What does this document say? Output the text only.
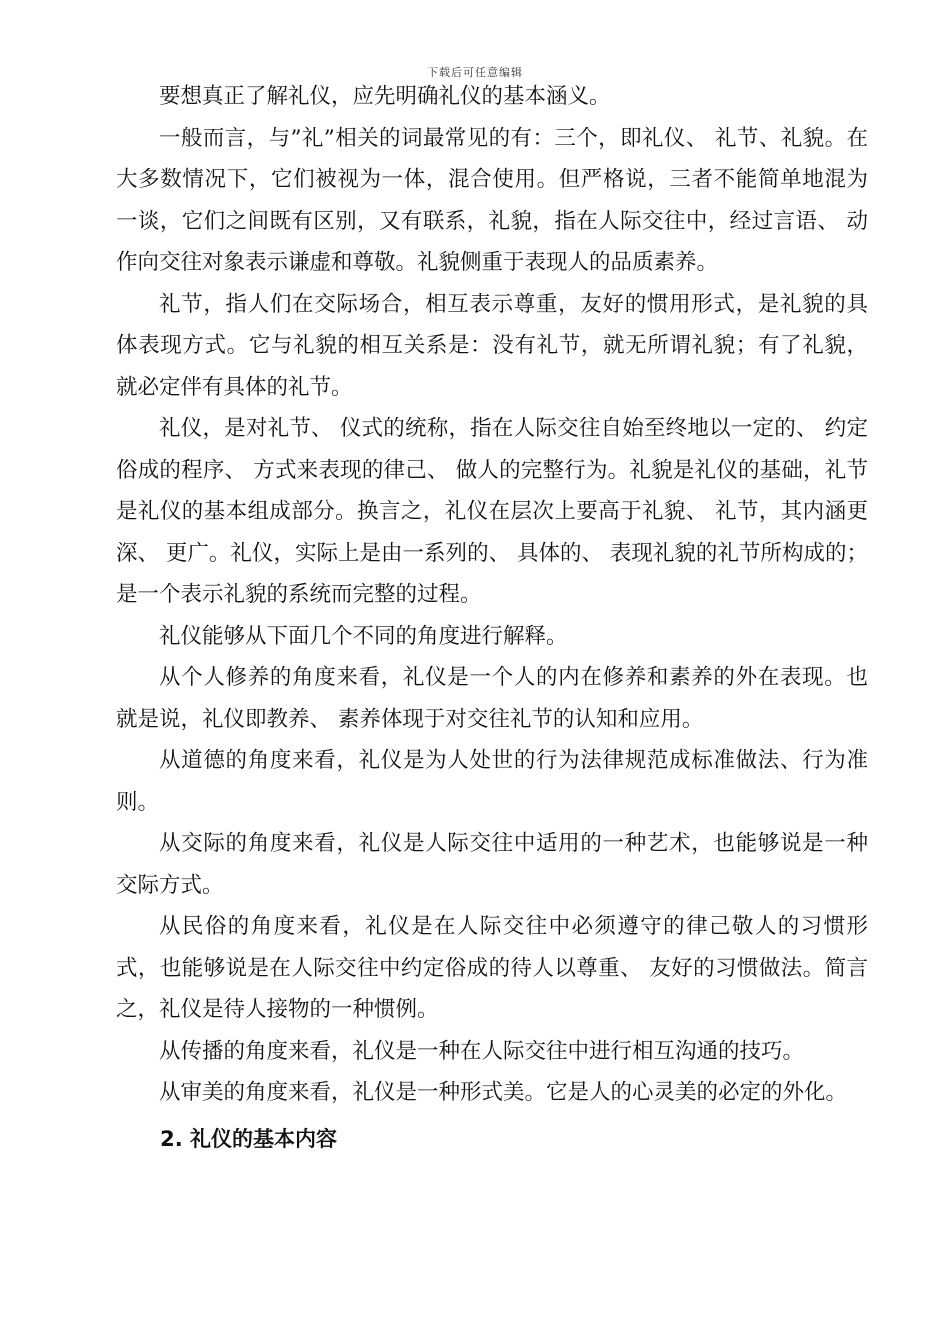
下载后可任意编辑

要想真正了解礼仪，应先明确礼仪的基本涵义。

一般而言，与”礼”相关的词最常见的有：三个，即礼仪、 礼节、礼貌。在大多数情况下，它们被视为一体，混合使用。但严格说，三者不能简单地混为一谈，它们之间既有区别，又有联系，礼貌，指在人际交往中，经过言语、 动作向交往对象表示谦虚和尊敬。礼貌侧重于表现人的品质素养。

礼节，指人们在交际场合，相互表示尊重，友好的惯用形式，是礼貌的具体表现方式。它与礼貌的相互关系是：没有礼节，就无所谓礼貌；有了礼貌，就必定伴有具体的礼节。

礼仪，是对礼节、 仪式的统称，指在人际交往自始至终地以一定的、 约定俗成的程序、 方式来表现的律己、 做人的完整行为。礼貌是礼仪的基础，礼节是礼仪的基本组成部分。换言之，礼仪在层次上要高于礼貌、 礼节，其内涵更深、 更广。礼仪，实际上是由一系列的、 具体的、 表现礼貌的礼节所构成的；是一个表示礼貌的系统而完整的过程。

礼仪能够从下面几个不同的角度进行解释。

从个人修养的角度来看，礼仪是一个人的内在修养和素养的外在表现。也就是说，礼仪即教养、 素养体现于对交往礼节的认知和应用。

从道德的角度来看，礼仪是为人处世的行为法律规范成标准做法、行为准则。

从交际的角度来看，礼仪是人际交往中适用的一种艺术，也能够说是一种交际方式。

从民俗的角度来看，礼仪是在人际交往中必须遵守的律己敬人的习惯形式，也能够说是在人际交往中约定俗成的待人以尊重、 友好的习惯做法。简言之，礼仪是待人接物的一种惯例。

从传播的角度来看，礼仪是一种在人际交往中进行相互沟通的技巧。

从审美的角度来看，礼仪是一种形式美。它是人的心灵美的必定的外化。

2. 礼仪的基本内容
